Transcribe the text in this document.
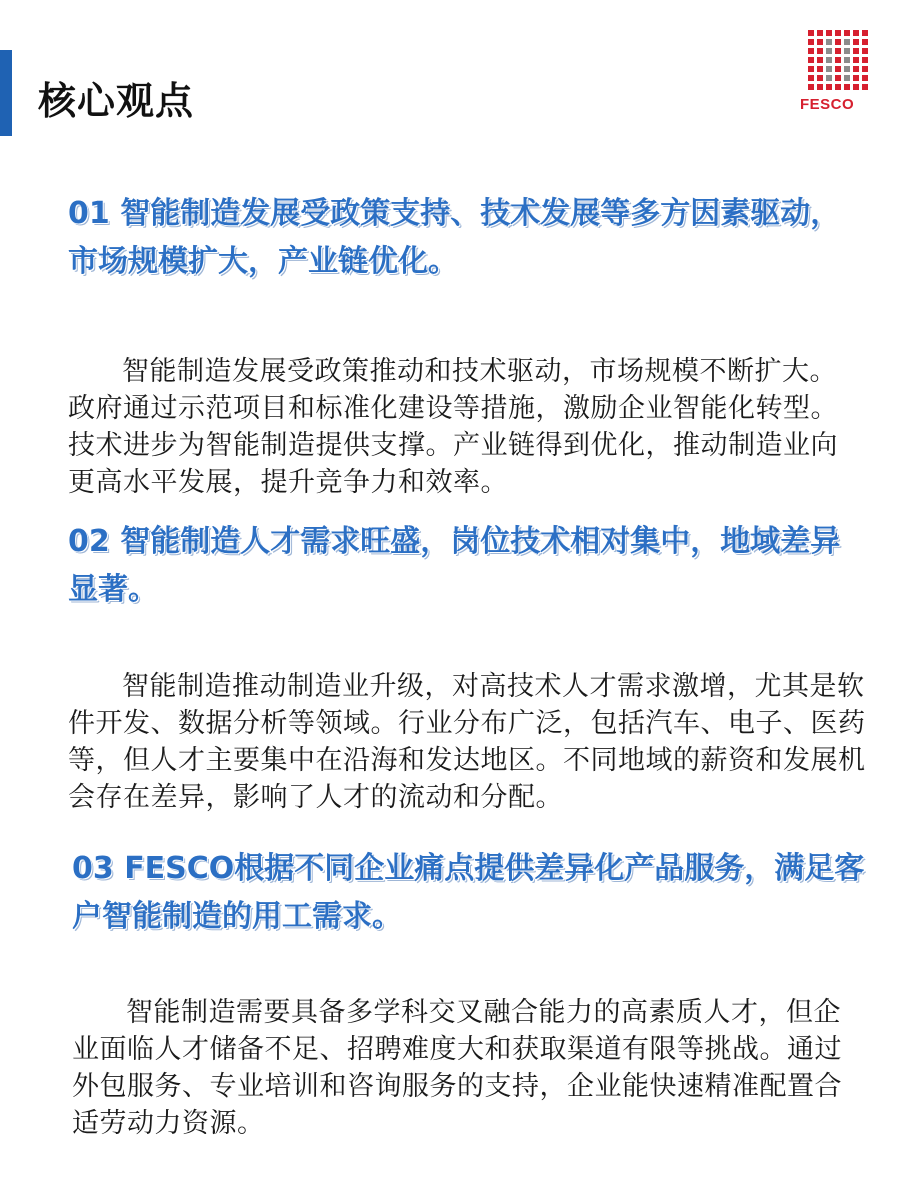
核心观点	FESCO
01 智能制造发展受政策支持、技术发展等多方因素驱动，市场规模扩大，产业链优化。

智能制造发展受政策推动和技术驱动，市场规模不断扩大。政府通过示范项目和标准化建设等措施，激励企业智能化转型。技术进步为智能制造提供支撑。产业链得到优化，推动制造业向更高水平发展，提升竞争力和效率。

02 智能制造人才需求旺盛，岗位技术相对集中，地域差异显著。

智能制造推动制造业升级，对高技术人才需求激增，尤其是软件开发、数据分析等领域。行业分布广泛，包括汽车、电子、医药等，但人才主要集中在沿海和发达地区。不同地域的薪资和发展机会存在差异，影响了人才的流动和分配。

03 FESCO根据不同企业痛点提供差异化产品服务，满足客户智能制造的用工需求。

智能制造需要具备多学科交叉融合能力的高素质人才，但企业面临人才储备不足、招聘难度大和获取渠道有限等挑战。通过外包服务、专业培训和咨询服务的支持，企业能快速精准配置合适劳动力资源。
